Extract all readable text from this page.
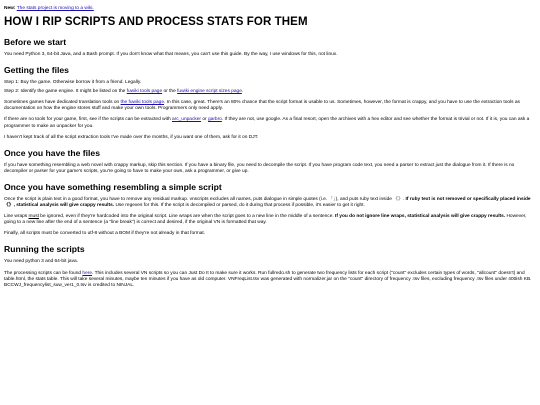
New: The stats project is moving to a wiki.
HOW I RIP SCRIPTS AND PROCESS STATS FOR THEM
Before we start

You need Python 3, 64-bit Java, and a Bash prompt. If you don't know what that means, you can't use this guide. By the way, I use windows for this, not linux.

Getting the files

Step 1: Buy the game. Otherwise borrow it from a friend. Legally.

Step 2: Identify the game engine. It might be listed on the fuwiki tools page or the fuwiki engine script sizes page.

Sometimes games have dedicated translation tools on the fuwiki tools page. In this case, great. There's an 80% chance that the script format is usable to us. Sometimes, however, the format is crappy, and you have to use the extraction tools as documentation on how the engine stores stuff and make your own tools. Programmers only need apply.

If there are no tools for your game, first, see if the scripts can be extracted with arc_unpacker or garbro. If they are not, use google. As a final resort, open the archives with a hex editor and see whether the format is trivial or not. If it is, you can ask a programmer to make an unpacker for you.

I haven't kept track of all the script extraction tools I've made over the months, if you want one of them, ask for it on DJT.

Once you have the files

If you have something resembling a web novel with crappy markup, skip this section. If you have a binary file, you need to decompile the script. If you have program code text, you need a parser to extract just the dialogue from it. If there is no decompiler or parser for your game's scripts, you're going to have to make your own, ask a programmer, or give up.

Once you have something resembling a simple script

Once the script is plain text in a good format, you have to remove any residual markup. vnscripts excludes all names, puts dialogue in simple quotes (i.e. 「」), and puts ruby text inside 《》. If ruby text is not removed or specifically placed inside 《》, statistical analysis will give crappy results. Use regexes for this. If the script is decompiled or parsed, do it during that process if possible, it's easier to get it right.

Line wraps must be ignored, even if they're hardcoded into the original script. Line wraps are when the script goes to a new line in the middle of a sentence. If you do not ignore line wraps, statistical analysis will give crappy results. However, going to a new line after the end of a sentence (a "line break") is correct and desired, if the original VN is formatted that way.

Finally, all scripts must be converted to utf-8 without a BOM if they're not already in that format.

Running the scripts

You need python 3 and 64-bit java.

The processing scripts can be found here. This includes several VN scripts so you can Just Do It to make sure it works. Run fullredo.sh to generate two frequency lists for each script ("count" excludes certain types of words, "allcount" doesn't) and table.html, the stats table. This will take several minutes, maybe ten minutes if you have as old computer. VNFreqList.tsv was generated with normalizer.jar on the "count" directory of frequency .tsv files, excluding frequency .tsv files under 400ish KB. BCCWJ_frequencylist_suw_ver1_0.tsv is credited to NINJAL.
